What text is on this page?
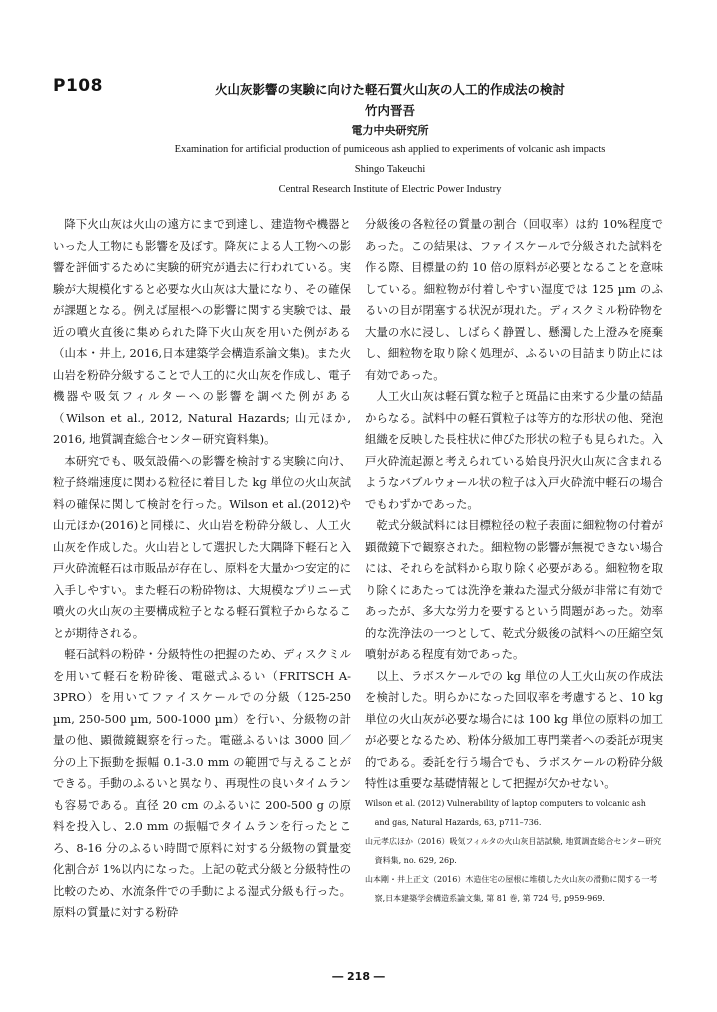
P108	火山灰影響の実験に向けた軽石質火山灰の人工的作成法の検討
竹内晋吾
電力中央研究所
Examination for artificial production of pumiceous ash applied to experiments of volcanic ash impacts
Shingo Takeuchi
Central Research Institute of Electric Power Industry

降下火山灰は火山の遠方にまで到達し、建造物や機器といった人工物にも影響を及ぼす。降灰による人工物への影響を評価するために実験的研究が過去に行われている。実験が大規模化すると必要な火山灰は大量になり、その確保が課題となる。例えば屋根への影響に関する実験では、最近の噴火直後に集められた降下火山灰を用いた例がある（山本・井上, 2016,日本建築学会構造系論文集)。また火山岩を粉砕分級することで人工的に火山灰を作成し、電子機器や吸気フィルターへの影響を調べた例がある（Wilson et al., 2012, Natural Hazards; 山元ほか, 2016, 地質調査総合センター研究資料集)。

本研究でも、吸気設備への影響を検討する実験に向け、粒子終端速度に関わる粒径に着目した kg 単位の火山灰試料の確保に関して検討を行った。Wilson et al.(2012)や山元ほか(2016)と同様に、火山岩を粉砕分級し、人工火山灰を作成した。火山岩として選択した大隅降下軽石と入戸火砕流軽石は市販品が存在し、原料を大量かつ安定的に入手しやすい。また軽石の粉砕物は、大規模なプリニー式噴火の火山灰の主要構成粒子となる軽石質粒子からなることが期待される。

軽石試料の粉砕・分級特性の把握のため、ディスクミルを用いて軽石を粉砕後、電磁式ふるい（FRITSCH A-3PRO）を用いてファイスケールでの分級（125-250 µm, 250-500 µm, 500-1000 µm）を行い、分級物の計量の他、顕微鏡観察を行った。電磁ふるいは 3000 回／分の上下振動を振幅 0.1-3.0 mm の範囲で与えることができる。手動のふるいと異なり、再現性の良いタイムランも容易である。直径 20 cm のふるいに 200-500 g の原料を投入し、2.0 mm の振幅でタイムランを行ったところ、8-16 分のふるい時間で原料に対する分級物の質量変化割合が 1%以内になった。上記の乾式分級と分級特性の比較のため、水流条件での手動による湿式分級も行った。原料の質量に対する粉砕

分級後の各粒径の質量の割合（回収率）は約 10%程度であった。この結果は、ファイスケールで分級された試料を作る際、目標量の約 10 倍の原料が必要となることを意味している。細粒物が付着しやすい湿度では 125 µm のふるいの目が閉塞する状況が現れた。ディスクミル粉砕物を大量の水に浸し、しばらく静置し、懸濁した上澄みを廃棄し、細粒物を取り除く処理が、ふるいの目詰まり防止には有効であった。

人工火山灰は軽石質な粒子と斑晶に由来する少量の結晶からなる。試料中の軽石質粒子は等方的な形状の他、発泡組織を反映した長柱状に伸びた形状の粒子も見られた。入戸火砕流起源と考えられている姶良丹沢火山灰に含まれるようなバブルウォール状の粒子は入戸火砕流中軽石の場合でもわずかであった。

乾式分級試料には目標粒径の粒子表面に細粒物の付着が顕微鏡下で観察された。細粒物の影響が無視できない場合には、それらを試料から取り除く必要がある。細粒物を取り除くにあたっては洗浄を兼ねた湿式分級が非常に有効であったが、多大な労力を要するという問題があった。効率的な洗浄法の一つとして、乾式分級後の試料への圧縮空気噴射がある程度有効であった。

以上、ラボスケールでの kg 単位の人工火山灰の作成法を検討した。明らかになった回収率を考慮すると、10 kg 単位の火山灰が必要な場合には 100 kg 単位の原料の加工が必要となるため、粉体分級加工専門業者への委託が現実的である。委託を行う場合でも、ラボスケールの粉砕分級特性は重要な基礎情報として把握が欠かせない。

Wilson et al. (2012) Vulnerability of laptop computers to volcanic ash and gas, Natural Hazards, 63, p711–736.

山元孝広ほか（2016）吸気フィルタの火山灰目詰試験, 地質調査総合センター研究資料集, no. 629, 26p.

山本剛・井上正文（2016）木造住宅の屋根に堆積した火山灰の滑動に関する一考察,日本建築学会構造系論文集, 第 81 巻, 第 724 号, p959-969.

― 218 ―
